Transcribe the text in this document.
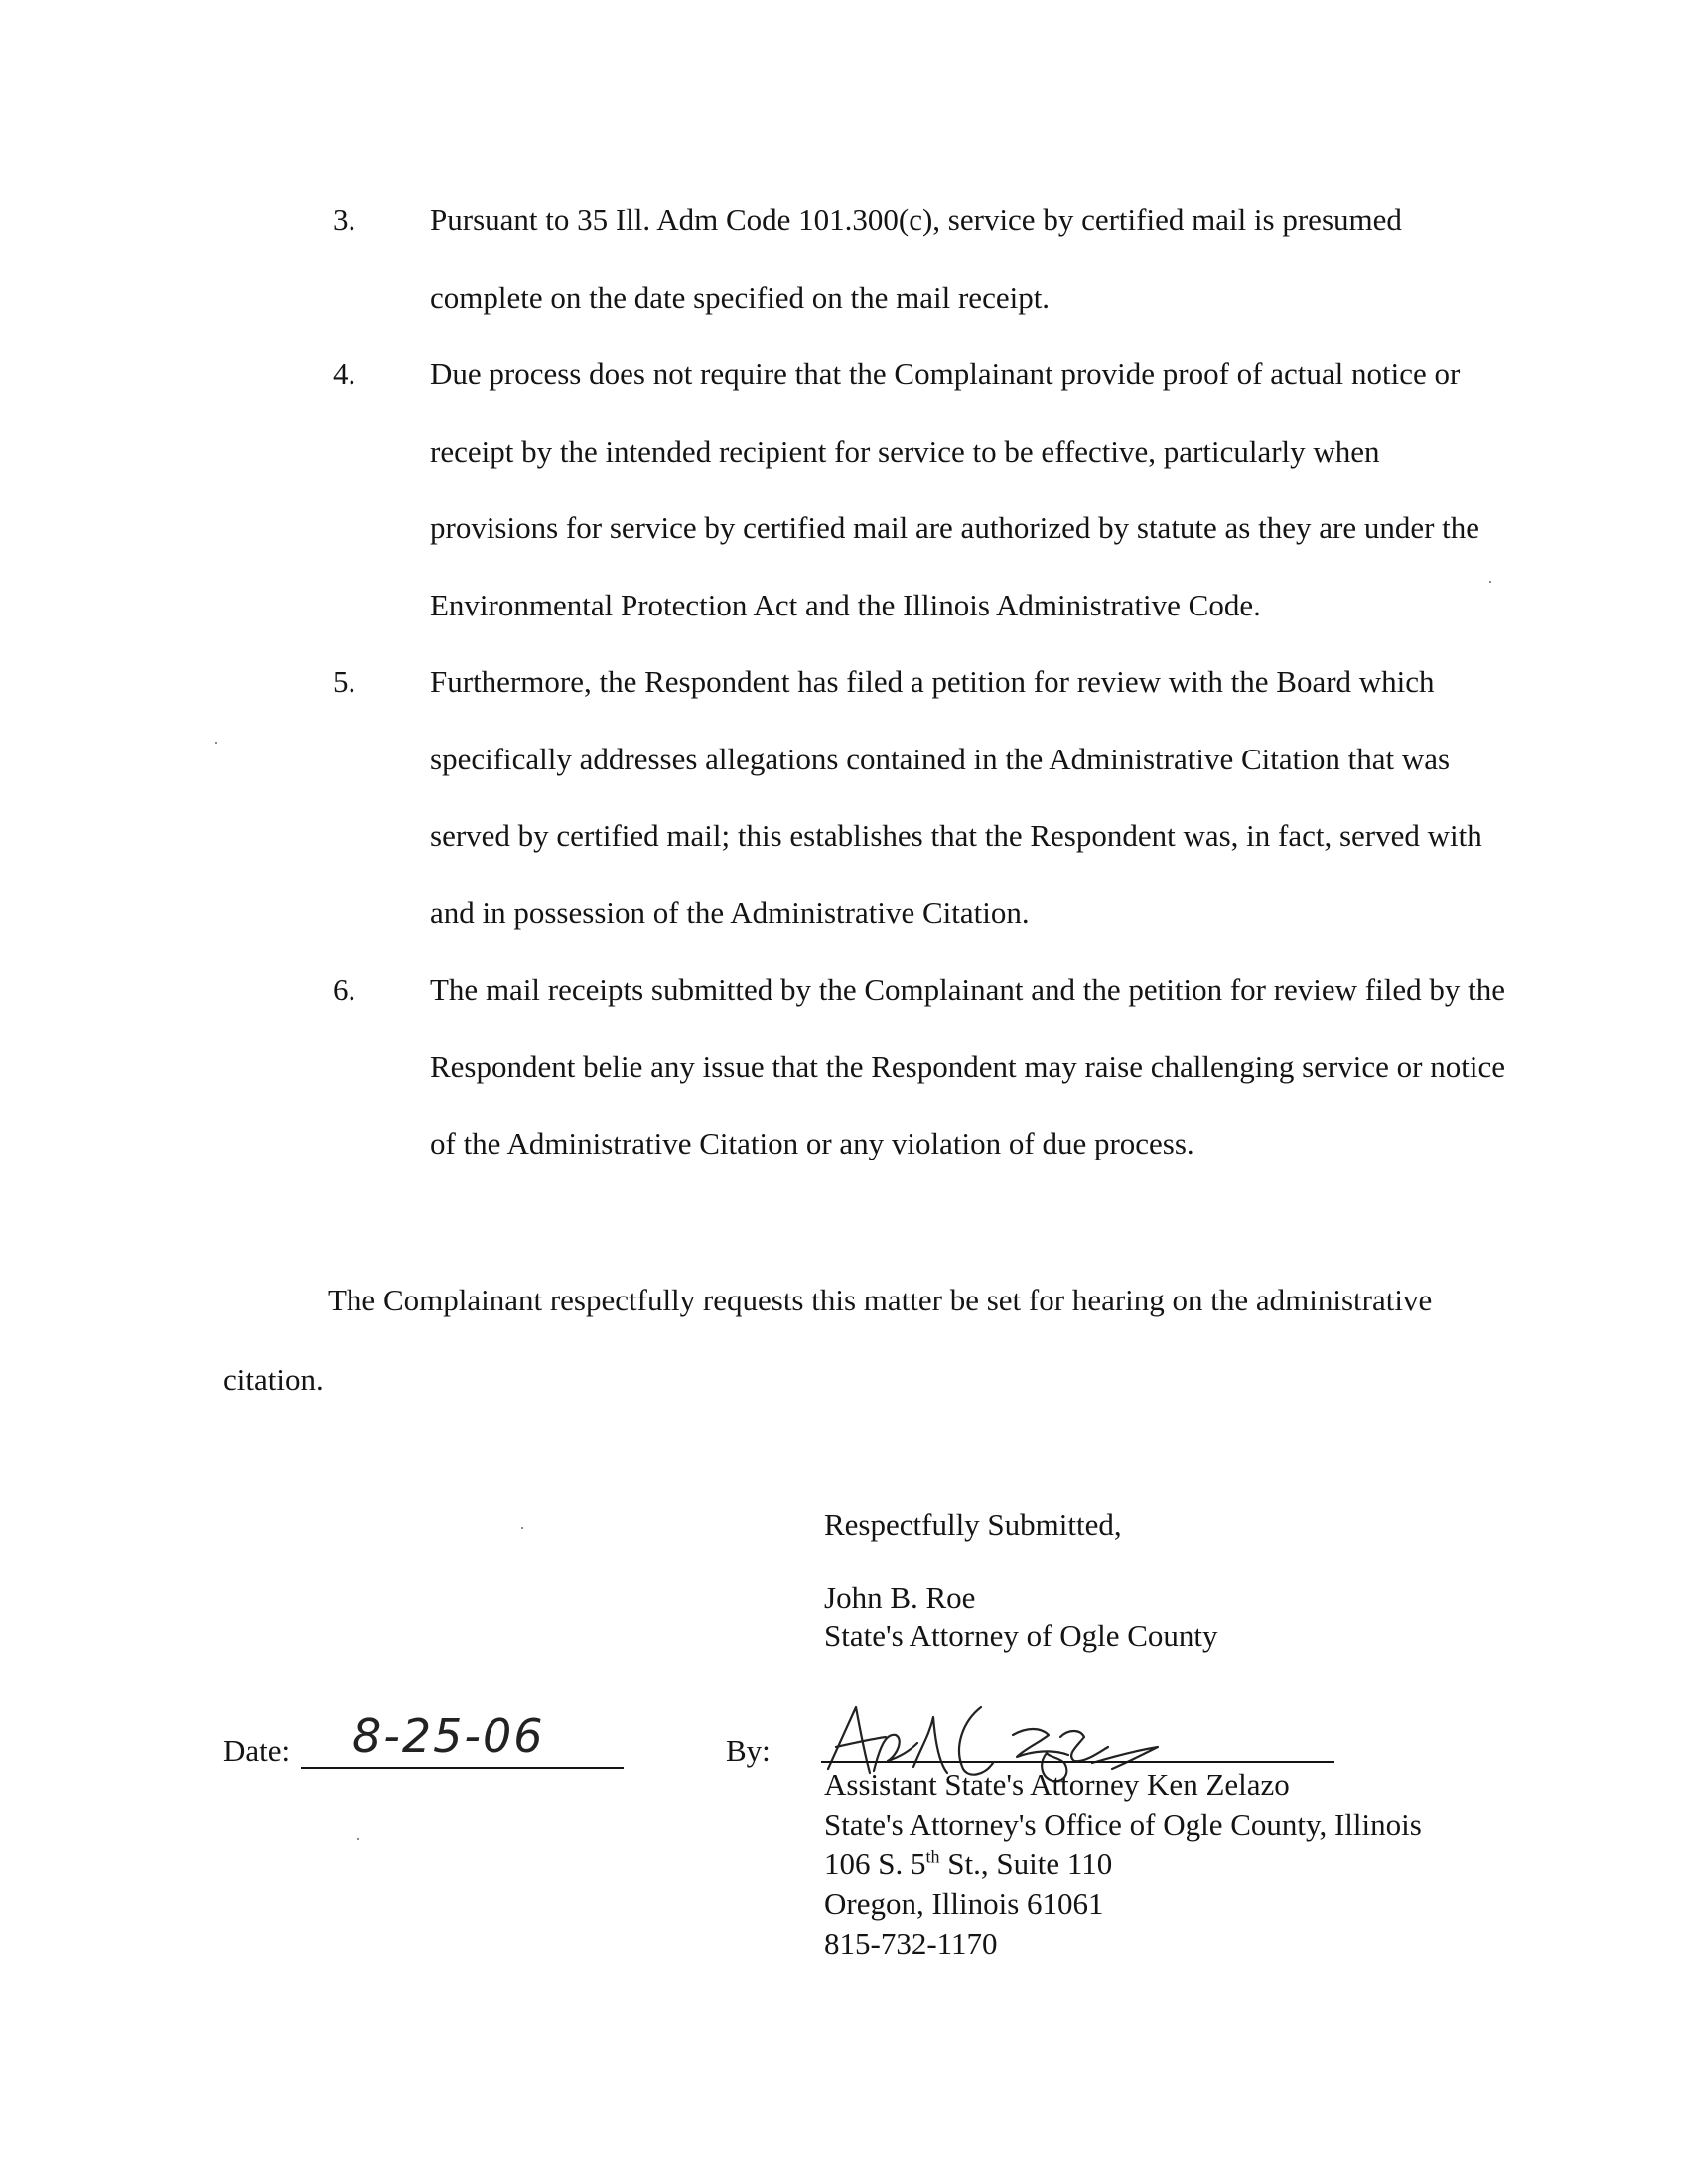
3. Pursuant to 35 Ill. Adm Code 101.300(c), service by certified mail is presumed complete on the date specified on the mail receipt.

4. Due process does not require that the Complainant provide proof of actual notice or receipt by the intended recipient for service to be effective, particularly when provisions for service by certified mail are authorized by statute as they are under the Environmental Protection Act and the Illinois Administrative Code.

5. Furthermore, the Respondent has filed a petition for review with the Board which specifically addresses allegations contained in the Administrative Citation that was served by certified mail; this establishes that the Respondent was, in fact, served with and in possession of the Administrative Citation.

6. The mail receipts submitted by the Complainant and the petition for review filed by the Respondent belie any issue that the Respondent may raise challenging service or notice of the Administrative Citation or any violation of due process.

The Complainant respectfully requests this matter be set for hearing on the administrative citation.

Respectfully Submitted,
John B. Roe
State's Attorney of Ogle County
Date: 8-25-06	By:
Assistant State's Attorney Ken Zelazo
State's Attorney's Office of Ogle County, Illinois
106 S. 5th St., Suite 110
Oregon, Illinois 61061
815-732-1170
